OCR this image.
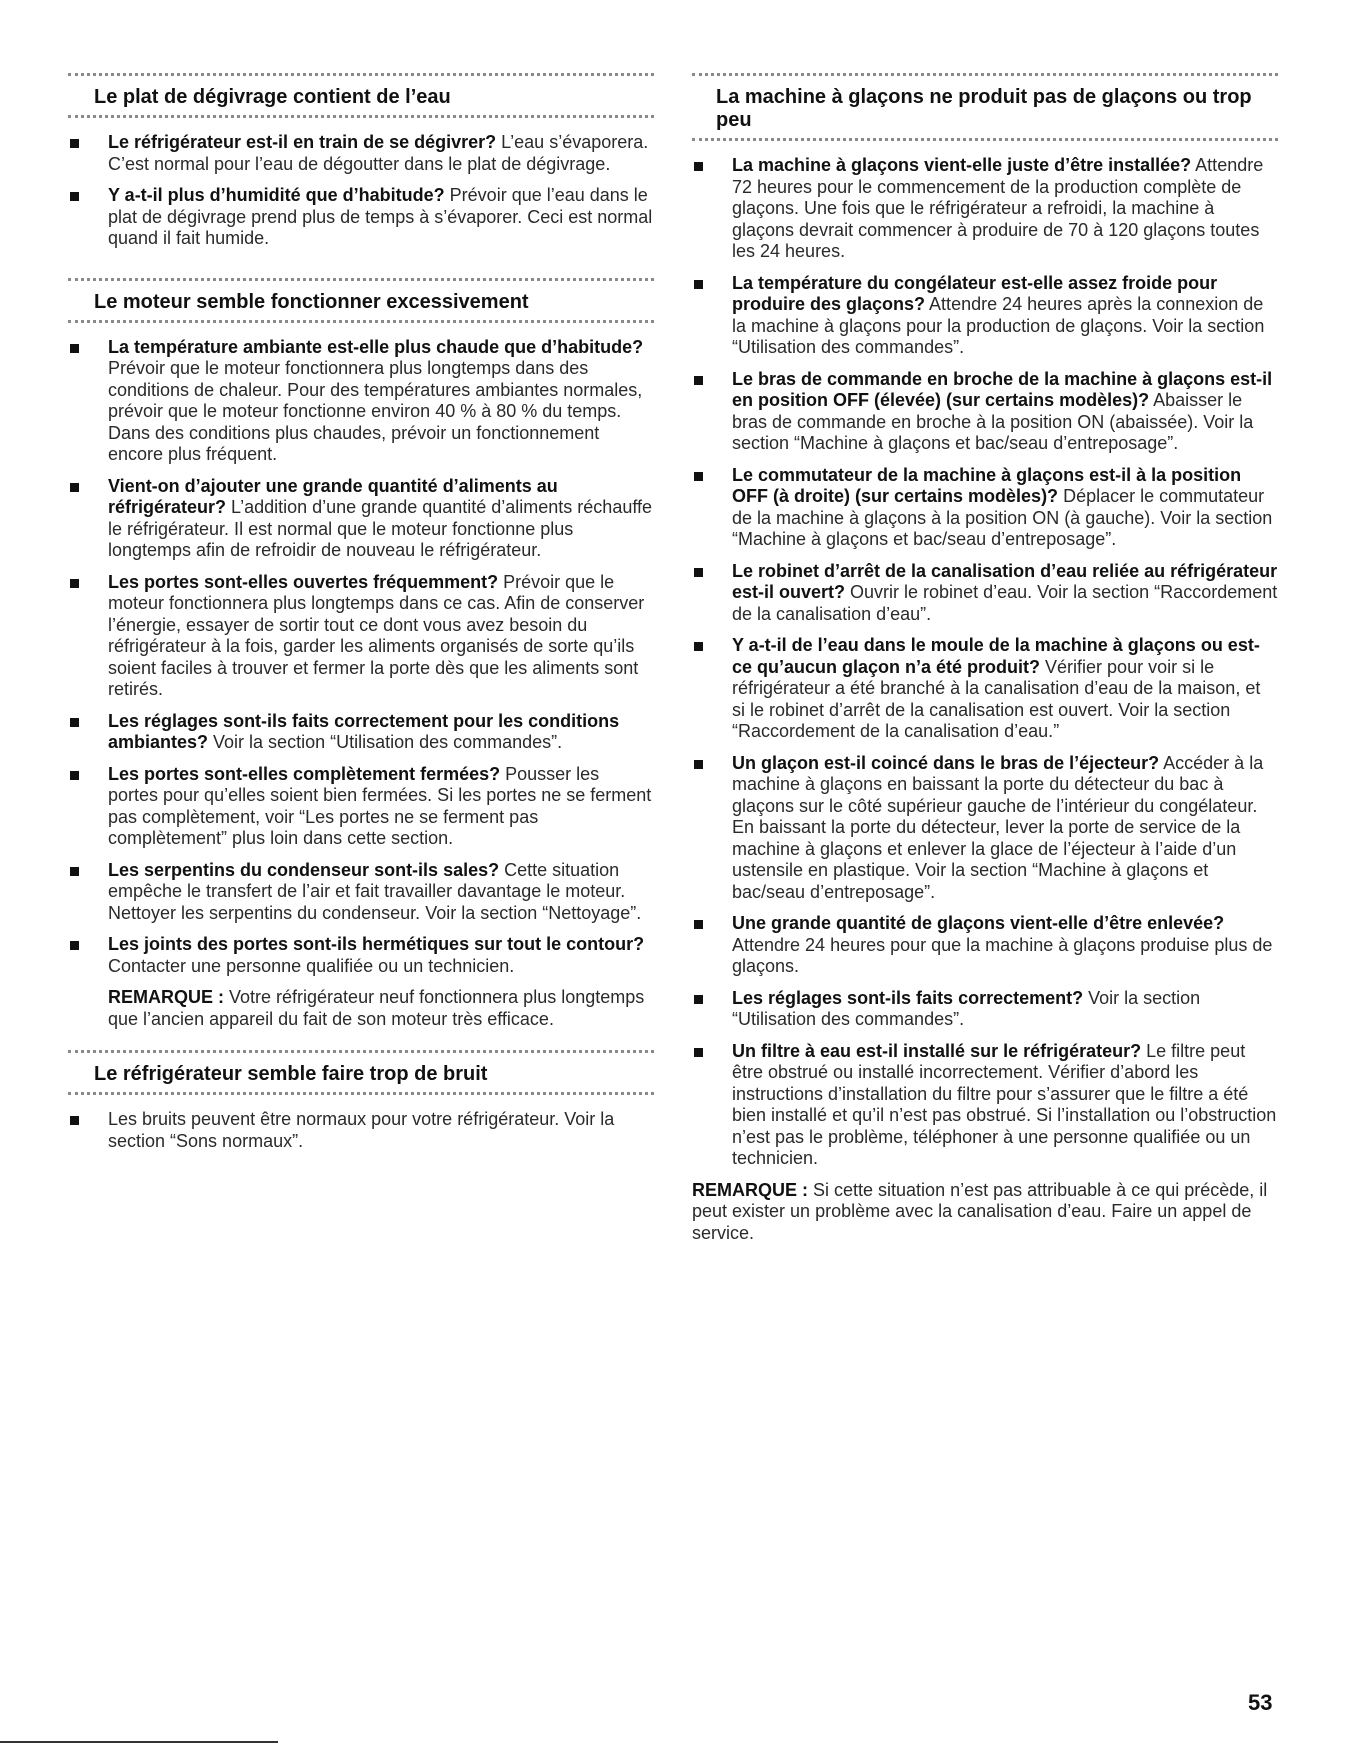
Le plat de dégivrage contient de l’eau
Le réfrigérateur est-il en train de se dégivrer? L’eau s’évaporera. C’est normal pour l’eau de dégoutter dans le plat de dégivrage.
Y a-t-il plus d’humidité que d’habitude? Prévoir que l’eau dans le plat de dégivrage prend plus de temps à s’évaporer. Ceci est normal quand il fait humide.
Le moteur semble fonctionner excessivement
La température ambiante est-elle plus chaude que d’habitude? Prévoir que le moteur fonctionnera plus longtemps dans des conditions de chaleur. Pour des températures ambiantes normales, prévoir que le moteur fonctionne environ 40 % à 80 % du temps. Dans des conditions plus chaudes, prévoir un fonctionnement encore plus fréquent.
Vient-on d’ajouter une grande quantité d’aliments au réfrigérateur? L’addition d’une grande quantité d’aliments réchauffe le réfrigérateur. Il est normal que le moteur fonctionne plus longtemps afin de refroidir de nouveau le réfrigérateur.
Les portes sont-elles ouvertes fréquemment? Prévoir que le moteur fonctionnera plus longtemps dans ce cas. Afin de conserver l’énergie, essayer de sortir tout ce dont vous avez besoin du réfrigérateur à la fois, garder les aliments organisés de sorte qu’ils soient faciles à trouver et fermer la porte dès que les aliments sont retirés.
Les réglages sont-ils faits correctement pour les conditions ambiantes? Voir la section “Utilisation des commandes”.
Les portes sont-elles complètement fermées? Pousser les portes pour qu’elles soient bien fermées. Si les portes ne se ferment pas complètement, voir “Les portes ne se ferment pas complètement” plus loin dans cette section.
Les serpentins du condenseur sont-ils sales? Cette situation empêche le transfert de l’air et fait travailler davantage le moteur. Nettoyer les serpentins du condenseur. Voir la section “Nettoyage”.
Les joints des portes sont-ils hermétiques sur tout le contour? Contacter une personne qualifiée ou un technicien.

REMARQUE : Votre réfrigérateur neuf fonctionnera plus longtemps que l’ancien appareil du fait de son moteur très efficace.

Le réfrigérateur semble faire trop de bruit
Les bruits peuvent être normaux pour votre réfrigérateur. Voir la section “Sons normaux”.
La machine à glaçons ne produit pas de glaçons ou trop peu
La machine à glaçons vient-elle juste d’être installée? Attendre 72 heures pour le commencement de la production complète de glaçons. Une fois que le réfrigérateur a refroidi, la machine à glaçons devrait commencer à produire de 70 à 120 glaçons toutes les 24 heures.
La température du congélateur est-elle assez froide pour produire des glaçons? Attendre 24 heures après la connexion de la machine à glaçons pour la production de glaçons. Voir la section “Utilisation des commandes”.
Le bras de commande en broche de la machine à glaçons est-il en position OFF (élevée) (sur certains modèles)? Abaisser le bras de commande en broche à la position ON (abaissée). Voir la section “Machine à glaçons et bac/seau d’entreposage”.
Le commutateur de la machine à glaçons est-il à la position OFF (à droite) (sur certains modèles)? Déplacer le commutateur de la machine à glaçons à la position ON (à gauche). Voir la section “Machine à glaçons et bac/seau d’entreposage”.
Le robinet d’arrêt de la canalisation d’eau reliée au réfrigérateur est-il ouvert? Ouvrir le robinet d’eau. Voir la section “Raccordement de la canalisation d’eau”.
Y a-t-il de l’eau dans le moule de la machine à glaçons ou est-ce qu’aucun glaçon n’a été produit? Vérifier pour voir si le réfrigérateur a été branché à la canalisation d’eau de la maison, et si le robinet d’arrêt de la canalisation est ouvert. Voir la section “Raccordement de la canalisation d’eau.”
Un glaçon est-il coincé dans le bras de l’éjecteur? Accéder à la machine à glaçons en baissant la porte du détecteur du bac à glaçons sur le côté supérieur gauche de l’intérieur du congélateur. En baissant la porte du détecteur, lever la porte de service de la machine à glaçons et enlever la glace de l’éjecteur à l’aide d’un ustensile en plastique. Voir la section “Machine à glaçons et bac/seau d’entreposage”.
Une grande quantité de glaçons vient-elle d’être enlevée? Attendre 24 heures pour que la machine à glaçons produise plus de glaçons.
Les réglages sont-ils faits correctement? Voir la section “Utilisation des commandes”.
Un filtre à eau est-il installé sur le réfrigérateur? Le filtre peut être obstrué ou installé incorrectement. Vérifier d’abord les instructions d’installation du filtre pour s’assurer que le filtre a été bien installé et qu’il n’est pas obstrué. Si l’installation ou l’obstruction n’est pas le problème, téléphoner à une personne qualifiée ou un technicien.

REMARQUE : Si cette situation n’est pas attribuable à ce qui précède, il peut exister un problème avec la canalisation d’eau. Faire un appel de service.

53
